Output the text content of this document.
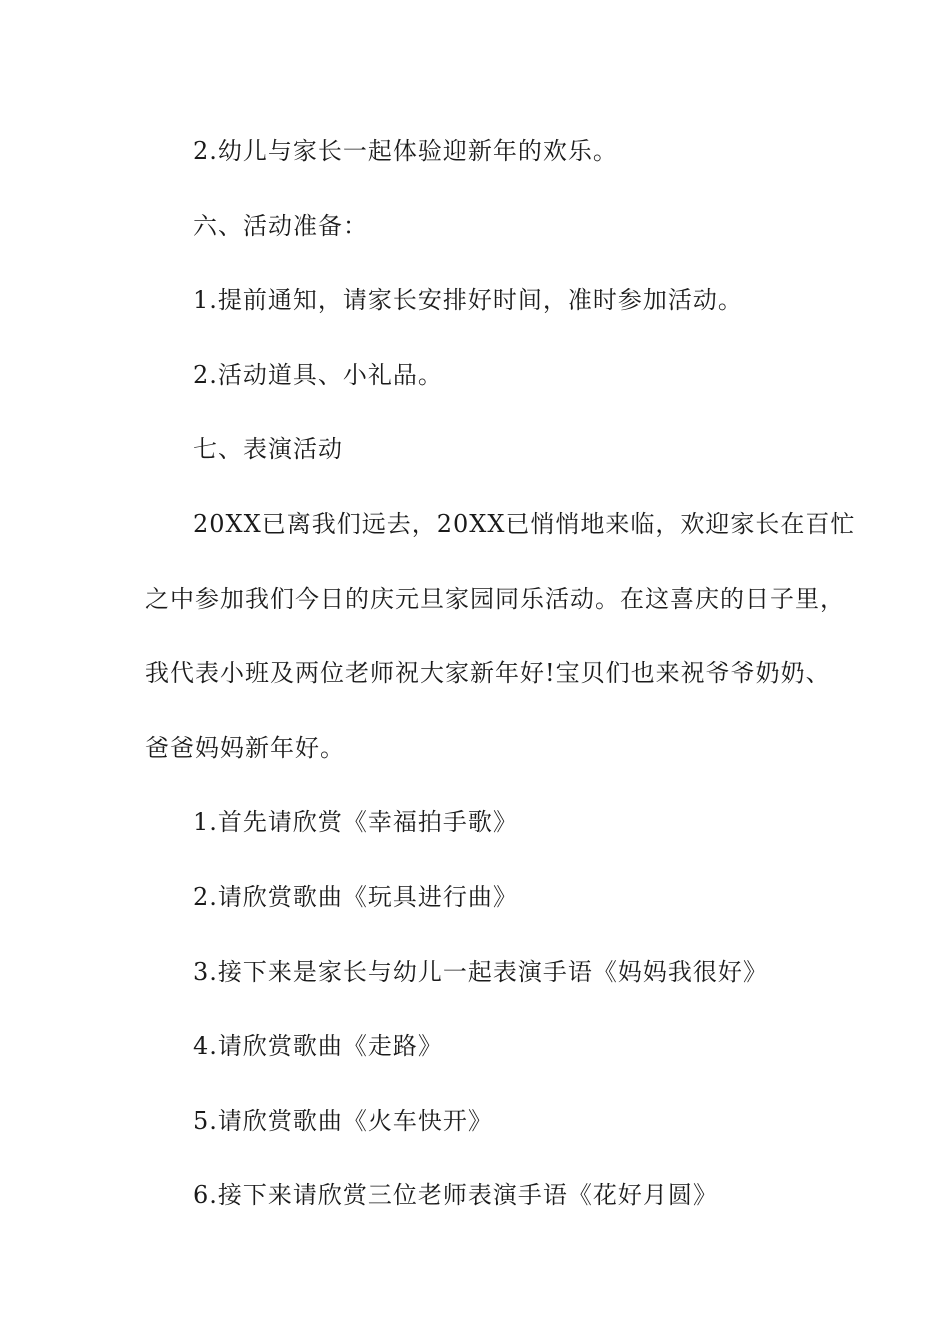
2.幼儿与家长一起体验迎新年的欢乐。
六、活动准备：
1.提前通知，请家长安排好时间，准时参加活动。
2.活动道具、小礼品。
七、表演活动
20XX已离我们远去，20XX已悄悄地来临，欢迎家长在百忙
之中参加我们今日的庆元旦家园同乐活动。在这喜庆的日子里，
我代表小班及两位老师祝大家新年好!宝贝们也来祝爷爷奶奶、
爸爸妈妈新年好。
1.首先请欣赏《幸福拍手歌》
2.请欣赏歌曲《玩具进行曲》
3.接下来是家长与幼儿一起表演手语《妈妈我很好》
4.请欣赏歌曲《走路》
5.请欣赏歌曲《火车快开》
6.接下来请欣赏三位老师表演手语《花好月圆》
